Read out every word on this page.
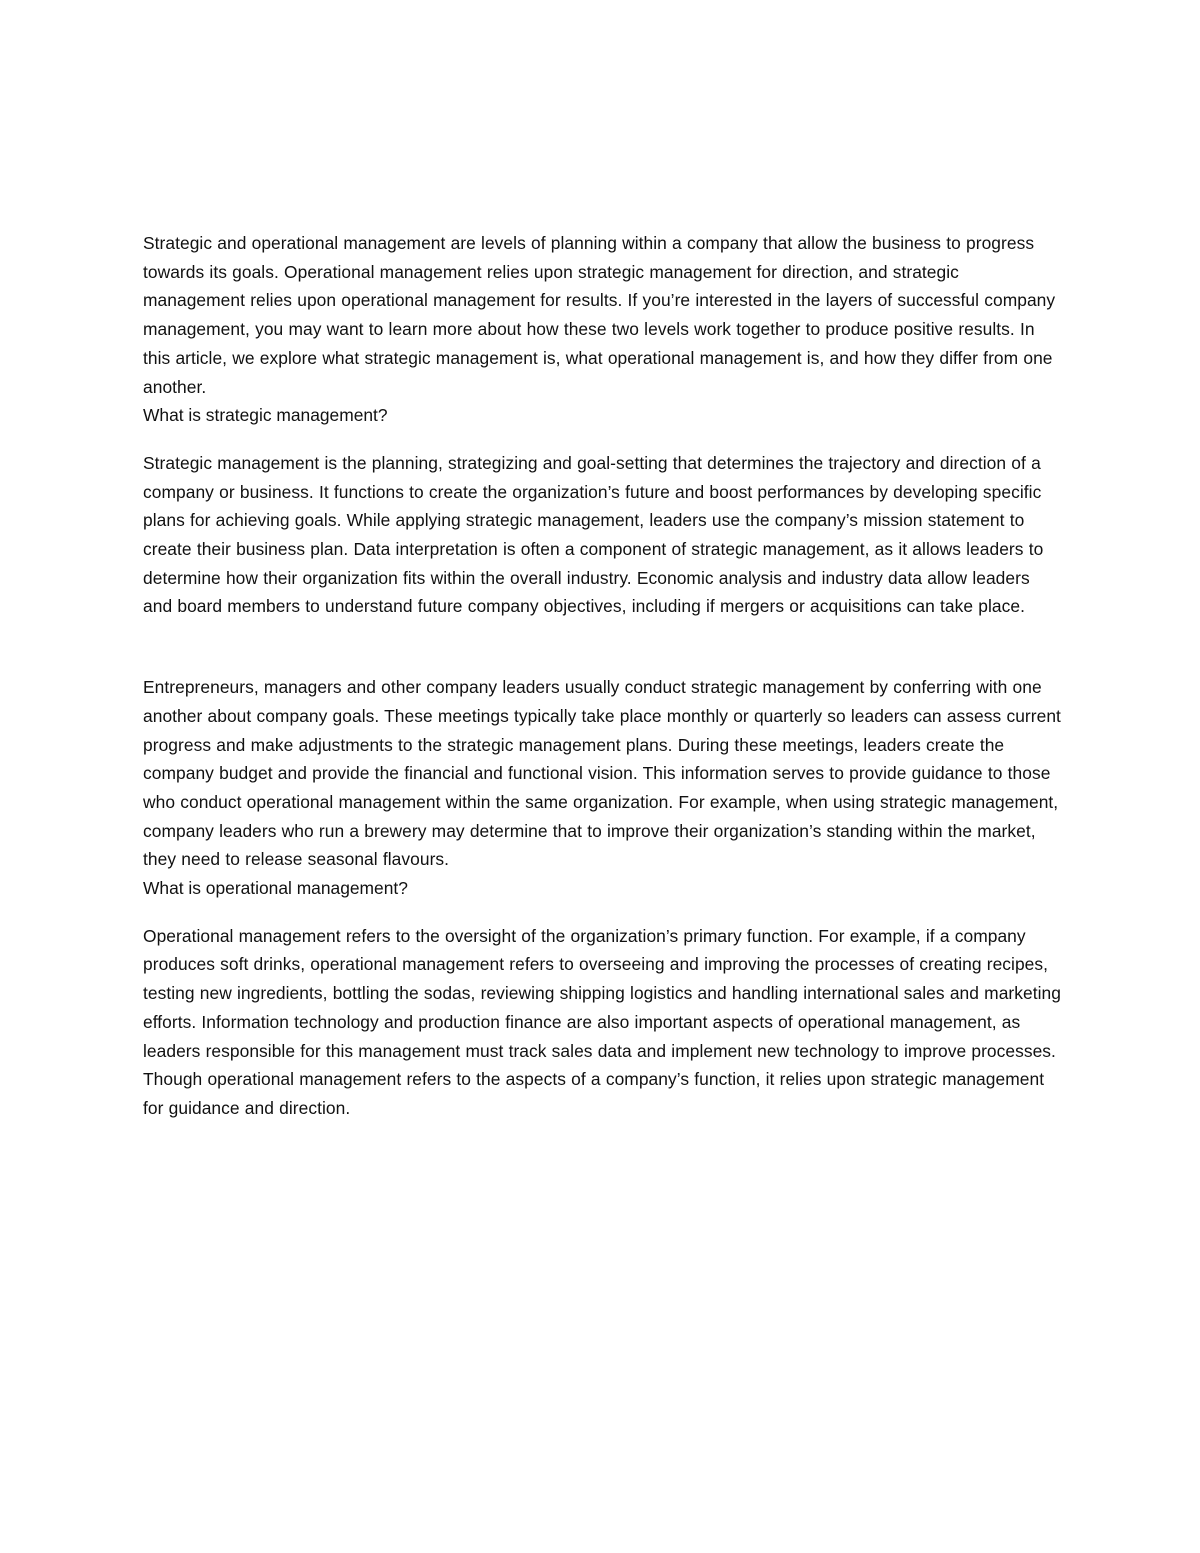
Strategic and operational management are levels of planning within a company that allow the business to progress towards its goals. Operational management relies upon strategic management for direction, and strategic management relies upon operational management for results. If you’re interested in the layers of successful company management, you may want to learn more about how these two levels work together to produce positive results. In this article, we explore what strategic management is, what operational management is, and how they differ from one another.

What is strategic management?

Strategic management is the planning, strategizing and goal-setting that determines the trajectory and direction of a company or business. It functions to create the organization’s future and boost performances by developing specific plans for achieving goals. While applying strategic management, leaders use the company’s mission statement to create their business plan. Data interpretation is often a component of strategic management, as it allows leaders to determine how their organization fits within the overall industry. Economic analysis and industry data allow leaders and board members to understand future company objectives, including if mergers or acquisitions can take place.

Entrepreneurs, managers and other company leaders usually conduct strategic management by conferring with one another about company goals. These meetings typically take place monthly or quarterly so leaders can assess current progress and make adjustments to the strategic management plans. During these meetings, leaders create the company budget and provide the financial and functional vision. This information serves to provide guidance to those who conduct operational management within the same organization. For example, when using strategic management, company leaders who run a brewery may determine that to improve their organization’s standing within the market, they need to release seasonal flavours.

What is operational management?

Operational management refers to the oversight of the organization’s primary function. For example, if a company produces soft drinks, operational management refers to overseeing and improving the processes of creating recipes, testing new ingredients, bottling the sodas, reviewing shipping logistics and handling international sales and marketing efforts. Information technology and production finance are also important aspects of operational management, as leaders responsible for this management must track sales data and implement new technology to improve processes. Though operational management refers to the aspects of a company’s function, it relies upon strategic management for guidance and direction.
